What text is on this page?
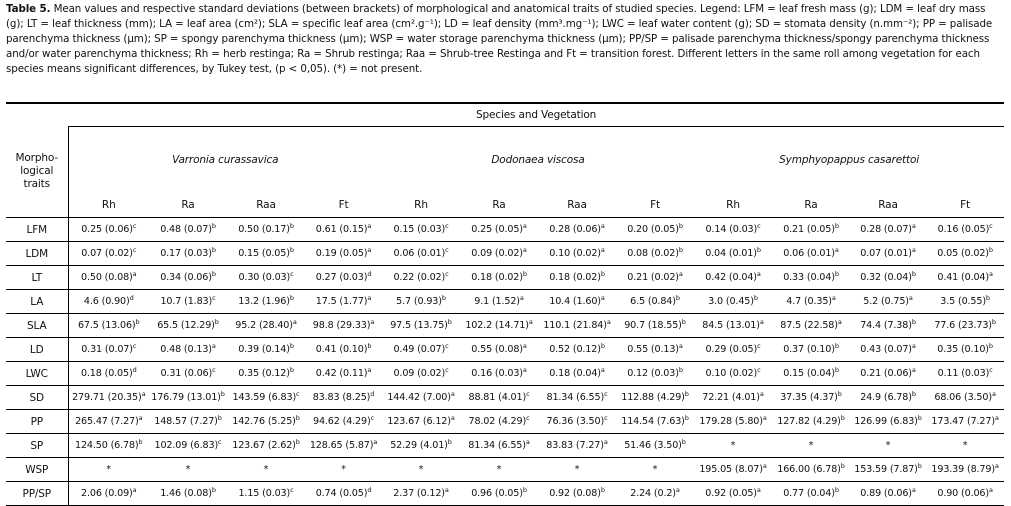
Table 5. Mean values and respective standard deviations (between brackets) of morphological and anatomical traits of studied species. Legend: LFM = leaf fresh mass (g); LDM = leaf dry mass (g); LT = leaf thickness (mm); LA = leaf area (cm²); SLA = specific leaf area (cm².g⁻¹); LD = leaf density (mm³.mg⁻¹); LWC = leaf water content (g); SD = stomata density (n.mm⁻²); PP = palisade parenchyma thickness (μm); SP = spongy parenchyma thickness (μm); WSP = water storage parenchyma thickness (μm); PP/SP = palisade parenchyma thickness/spongy parenchyma thickness and/or water parenchyma thickness; Rh = herb restinga; Ra = Shrub restinga; Raa = Shrub-tree Restinga and Ft = transition forest. Different letters in the same roll among vegetation for each species means significant differences, by Tukey test, (p < 0,05). (*) = not present.
	Species and Vegetation											
Morpho-logical traits	Varronia curassavica				Dodonaea viscosa				Symphyopappus casarettoi			
	Rh	Ra	Raa	Ft	Rh	Ra	Raa	Ft	Rh	Ra	Raa	Ft
LFM	0.25 $(0.06)^c$	0.48 $(0.07)^b$	0.50 $(0.17)^b$	0.61 $(0.15)^a$	0.15 $(0.03)^c$	0.25 $(0.05)^a$	0.28 $(0.06)^a$	0.20 $(0.05)^b$	0.14 $(0.03)^c$	0.21 $(0.05)^b$	0.28 $(0.07)^a$	0.16 $(0.05)^c$
LDM	0.07 $(0.02)^c$	0.17 $(0.03)^b$	0.15 $(0.05)^b$	0.19 $(0.05)^a$	0.06 $(0.01)^c$	0.09 $(0.02)^a$	0.10 $(0.02)^a$	0.08 $(0.02)^b$	0.04 $(0.01)^b$	0.06 $(0.01)^a$	0.07 $(0.01)^a$	0.05 $(0.02)^b$
LT	0.50 $(0.08)^a$	0.34 $(0.06)^b$	0.30 $(0.03)^c$	0.27 $(0.03)^d$	0.22 $(0.02)^c$	0.18 $(0.02)^b$	0.18 $(0.02)^b$	0.21 $(0.02)^a$	0.42 $(0.04)^a$	0.33 $(0.04)^b$	0.32 $(0.04)^b$	0.41 $(0.04)^a$
LA	4.6 $(0.90)^d$	10.7 $(1.83)^c$	13.2 $(1.96)^b$	17.5 $(1.77)^a$	5.7 $(0.93)^b$	9.1 $(1.52)^a$	10.4 $(1.60)^a$	6.5 $(0.84)^b$	3.0 $(0.45)^b$	4.7 $(0.35)^a$	5.2 $(0.75)^a$	3.5 $(0.55)^b$
SLA	67.5 $(13.06)^b$	65.5 $(12.29)^b$	95.2 $(28.40)^a$	98.8 $(29.33)^a$	97.5 $(13.75)^b$	102.2 $(14.71)^a$	110.1 $(21.84)^a$	90.7 $(18.55)^b$	84.5 $(13.01)^a$	87.5 $(22.58)^a$	74.4 $(7.38)^b$	77.6 $(23.73)^b$
LD	0.31 $(0.07)^c$	0.48 $(0.13)^a$	0.39 $(0.14)^b$	0.41 $(0.10)^b$	0.49 $(0.07)^c$	0.55 $(0.08)^a$	0.52 $(0.12)^b$	0.55 $(0.13)^a$	0.29 $(0.05)^c$	0.37 $(0.10)^b$	0.43 $(0.07)^a$	0.35 $(0.10)^b$
LWC	0.18 $(0.05)^d$	0.31 $(0.06)^c$	0.35 $(0.12)^b$	0.42 $(0.11)^a$	0.09 $(0.02)^c$	0.16 $(0.03)^a$	0.18 $(0.04)^a$	0.12 $(0.03)^b$	0.10 $(0.02)^c$	0.15 $(0.04)^b$	0.21 $(0.06)^a$	0.11 $(0.03)^c$
SD	279.71 $(20.35)^a$	176.79 $(13.01)^b$	143.59 $(6.83)^c$	83.83 $(8.25)^d$	144.42 $(7.00)^a$	88.81 $(4.01)^c$	81.34 $(6.55)^c$	112.88 $(4.29)^b$	72.21 $(4.01)^a$	37.35 $(4.37)^b$	24.9 $(6.78)^b$	68.06 $(3.50)^a$
PP	265.47 $(7.27)^a$	148.57 $(7.27)^b$	142.76 $(5.25)^b$	94.62 $(4.29)^c$	123.67 $(6.12)^a$	78.02 $(4.29)^c$	76.36 $(3.50)^c$	114.54 $(7.63)^b$	179.28 $(5.80)^a$	127.82 $(4.29)^b$	126.99 $(6.83)^b$	173.47 $(7.27)^a$
SP	124.50 $(6.78)^b$	102.09 $(6.83)^c$	123.67 $(2.62)^b$	128.65 $(5.87)^a$	52.29 $(4.01)^b$	81.34 $(6.55)^a$	83.83 $(7.27)^a$	51.46 $(3.50)^b$	*	*	*	*
WSP	*	*	*	*	*	*	*	*	195.05 $(8.07)^a$	166.00 $(6.78)^b$	153.59 $(7.87)^b$	193.39 $(8.79)^a$
PP/SP	2.06 $(0.09)^a$	1.46 $(0.08)^b$	1.15 $(0.03)^c$	0.74 $(0.05)^d$	2.37 $(0.12)^a$	0.96 $(0.05)^b$	0.92 $(0.08)^b$	2.24 $(0.2)^a$	0.92 $(0.05)^a$	0.77 $(0.04)^b$	0.89 $(0.06)^a$	0.90 $(0.06)^a$
